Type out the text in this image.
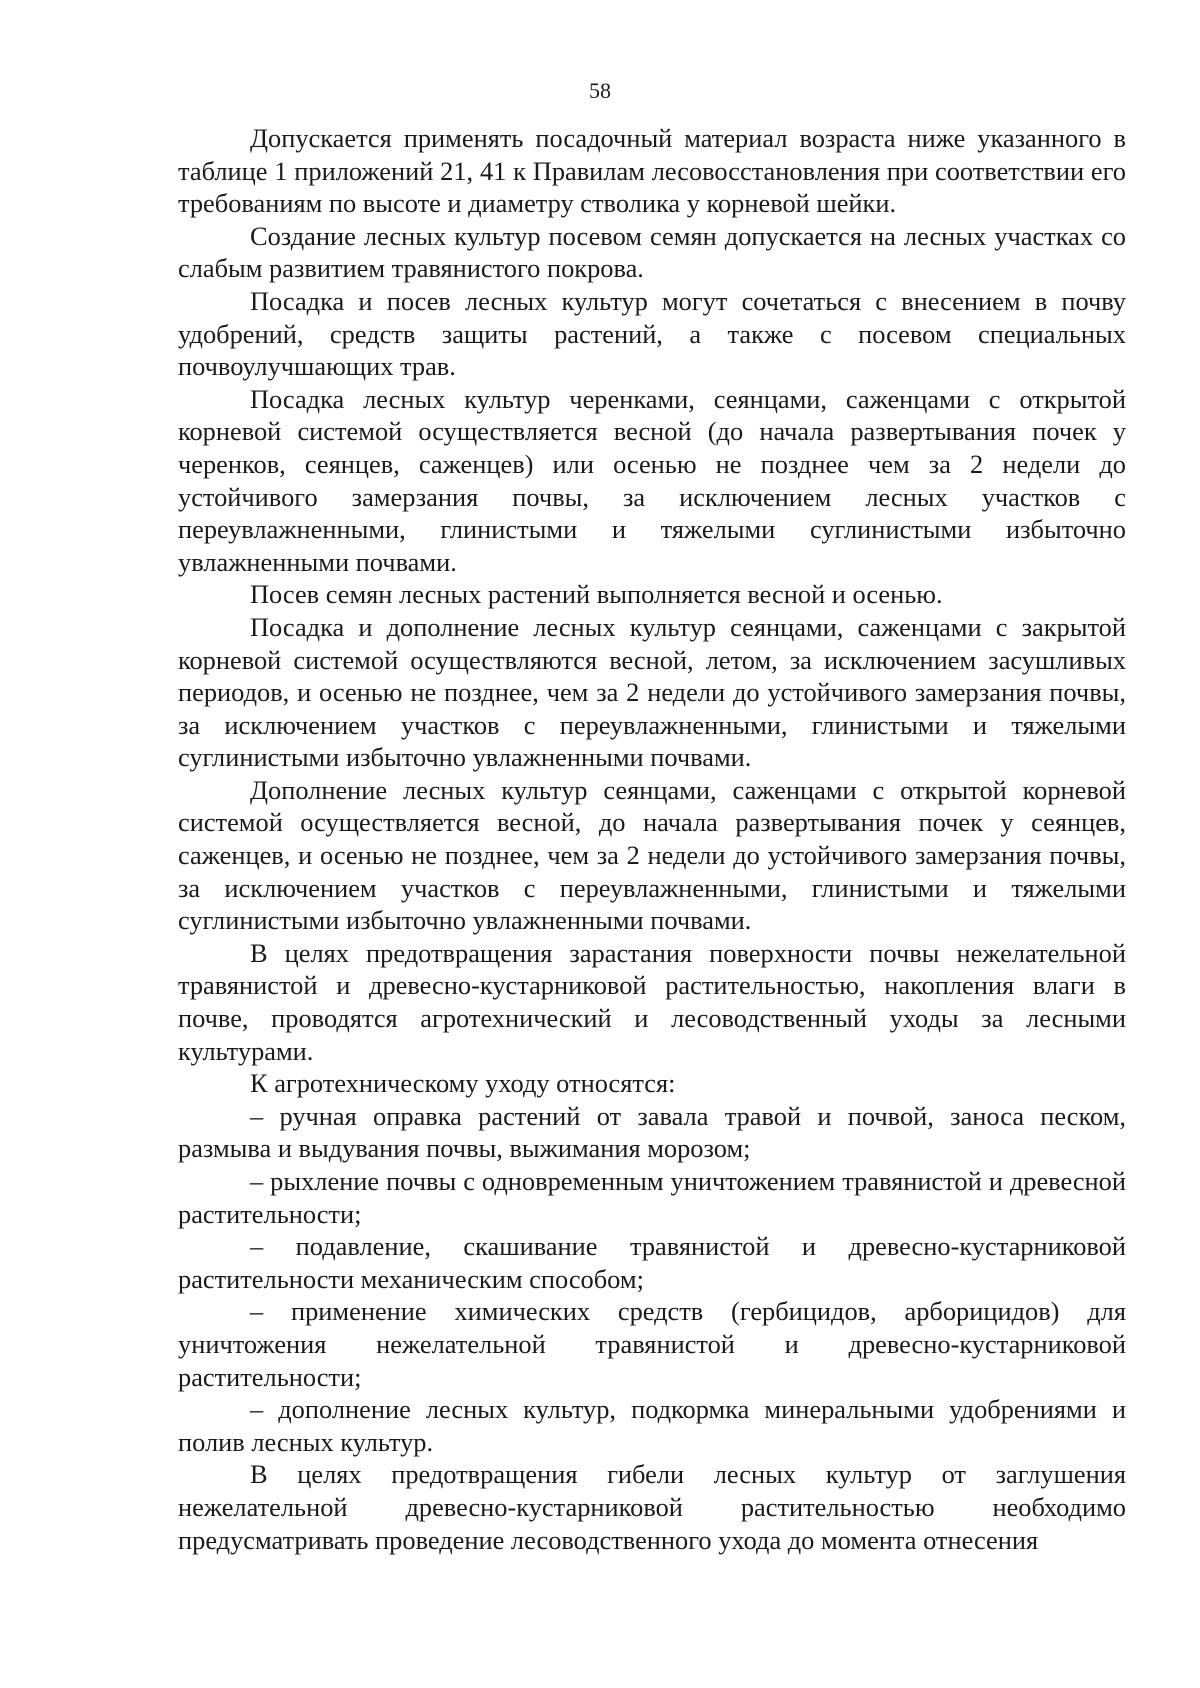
58

Допускается применять посадочный материал возраста ниже указанного в таблице 1 приложений 21, 41 к Правилам лесовосстановления при соответствии его требованиям по высоте и диаметру стволика у корневой шейки.

Создание лесных культур посевом семян допускается на лесных участках со слабым развитием травянистого покрова.

Посадка и посев лесных культур могут сочетаться с внесением в почву удобрений, средств защиты растений, а также с посевом специальных почвоулучшающих трав.

Посадка лесных культур черенками, сеянцами, саженцами с открытой корневой системой осуществляется весной (до начала развертывания почек у черенков, сеянцев, саженцев) или осенью не позднее чем за 2 недели до устойчивого замерзания почвы, за исключением лесных участков с переувлажненными, глинистыми и тяжелыми суглинистыми избыточно увлажненными почвами.

Посев семян лесных растений выполняется весной и осенью.

Посадка и дополнение лесных культур сеянцами, саженцами с закрытой корневой системой осуществляются весной, летом, за исключением засушливых периодов, и осенью не позднее, чем за 2 недели до устойчивого замерзания почвы, за исключением участков с переувлажненными, глинистыми и тяжелыми суглинистыми избыточно увлажненными почвами.

Дополнение лесных культур сеянцами, саженцами с открытой корневой системой осуществляется весной, до начала развертывания почек у сеянцев, саженцев, и осенью не позднее, чем за 2 недели до устойчивого замерзания почвы, за исключением участков с переувлажненными, глинистыми и тяжелыми суглинистыми избыточно увлажненными почвами.

В целях предотвращения зарастания поверхности почвы нежелательной травянистой и древесно-кустарниковой растительностью, накопления влаги в почве, проводятся агротехнический и лесоводственный уходы за лесными культурами.

К агротехническому уходу относятся:

– ручная оправка растений от завала травой и почвой, заноса песком, размыва и выдувания почвы, выжимания морозом;

– рыхление почвы с одновременным уничтожением травянистой и древесной растительности;

– подавление, скашивание травянистой и древесно-кустарниковой растительности механическим способом;

– применение химических средств (гербицидов, арборицидов) для уничтожения нежелательной травянистой и древесно-кустарниковой растительности;

– дополнение лесных культур, подкормка минеральными удобрениями и полив лесных культур.

В целях предотвращения гибели лесных культур от заглушения нежелательной древесно-кустарниковой растительностью необходимо предусматривать проведение лесоводственного ухода до момента отнесения
